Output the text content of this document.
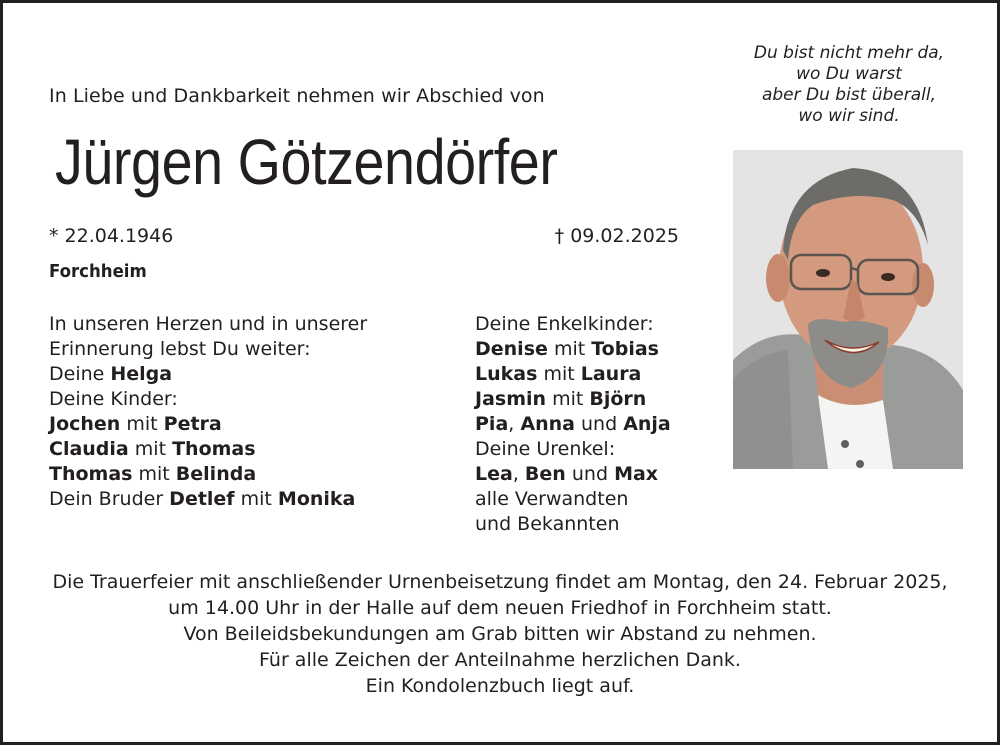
Du bist nicht mehr da,
wo Du warst
aber Du bist überall,
wo wir sind.
In Liebe und Dankbarkeit nehmen wir Abschied von
Jürgen Götzendörfer
* 22.04.1946	† 09.02.2025
Forchheim
In unseren Herzen und in unserer
Erinnerung lebst Du weiter:
Deine Helga
Deine Kinder:
Jochen mit Petra
Claudia mit Thomas
Thomas mit Belinda
Dein Bruder Detlef mit Monika
Deine Enkelkinder:
Denise mit Tobias
Lukas mit Laura
Jasmin mit Björn
Pia, Anna und Anja
Deine Urenkel:
Lea, Ben und Max
alle Verwandten
und Bekannten
Die Trauerfeier mit anschließender Urnenbeisetzung findet am Montag, den 24. Februar 2025,
um 14.00 Uhr in der Halle auf dem neuen Friedhof in Forchheim statt.
Von Beileidsbekundungen am Grab bitten wir Abstand zu nehmen.
Für alle Zeichen der Anteilnahme herzlichen Dank.
Ein Kondolenzbuch liegt auf.
